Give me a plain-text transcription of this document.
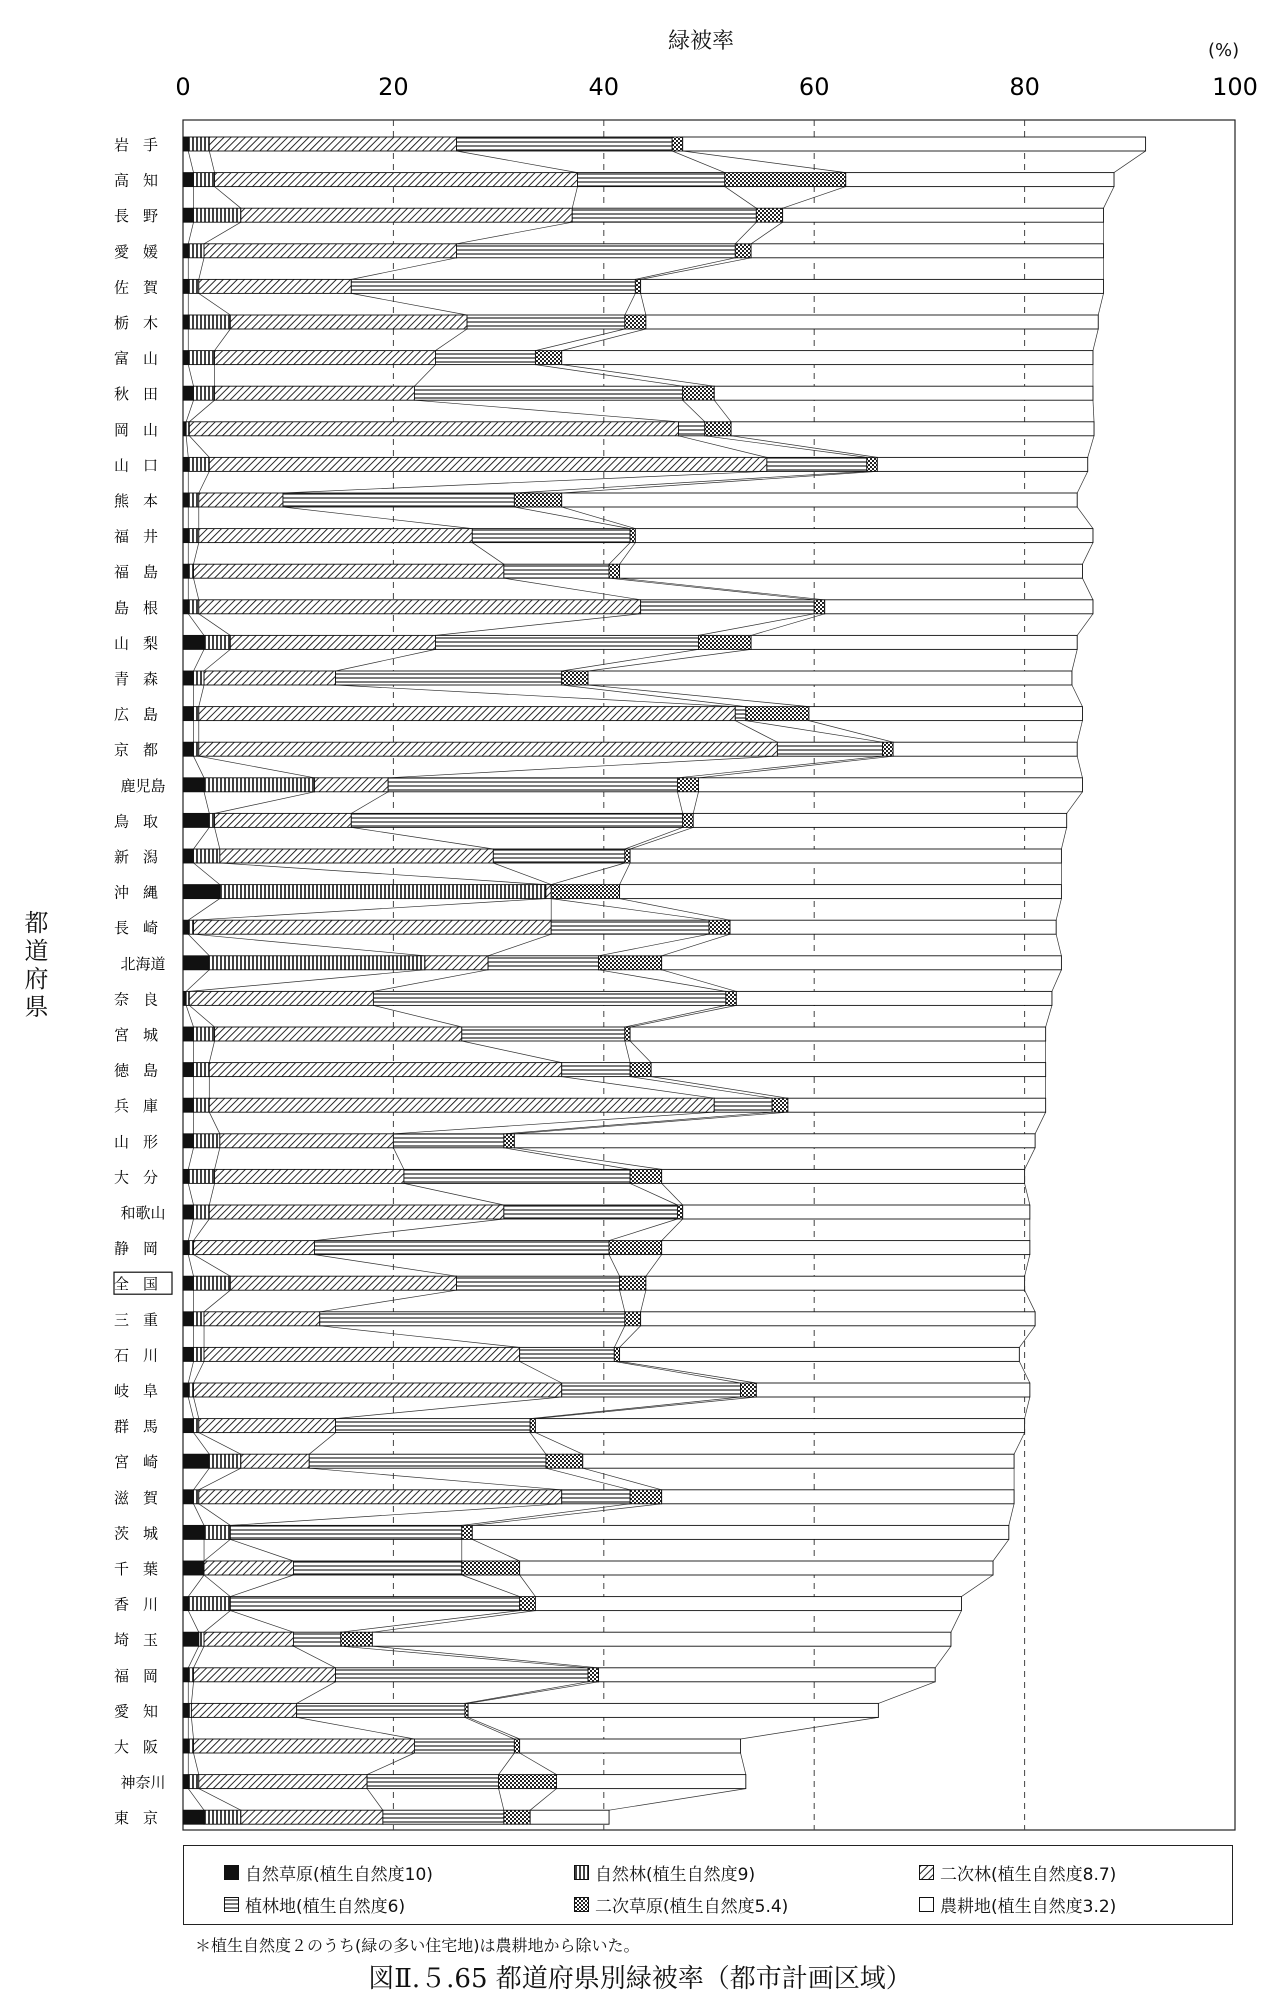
0	20	40	60	80	100
岩手
高知
長野
愛媛
佐賀
栃木
富山
秋田
岡山
山口
熊本
福井
福島
島根
山梨
青森
広島
京都
鹿児島
鳥取
新潟
沖縄
長崎
北海道
奈良
宮城
徳島
兵庫
山形
大分
和歌山
静岡
全国
三重
石川
岐阜
群馬
宮崎
滋賀
茨城
千葉
香川
埼玉
福岡
愛知
大阪
神奈川
東京
緑被率	(%)
都道府県
自然草原(植生自然度10)	自然林(植生自然度9)	二次林(植生自然度8.7)
植林地(植生自然度6)	二次草原(植生自然度5.4)	農耕地(植生自然度3.2)
＊植生自然度２のうち(緑の多い住宅地)は農耕地から除いた。
図Ⅱ.５.65 都道府県別緑被率（都市計画区域）
